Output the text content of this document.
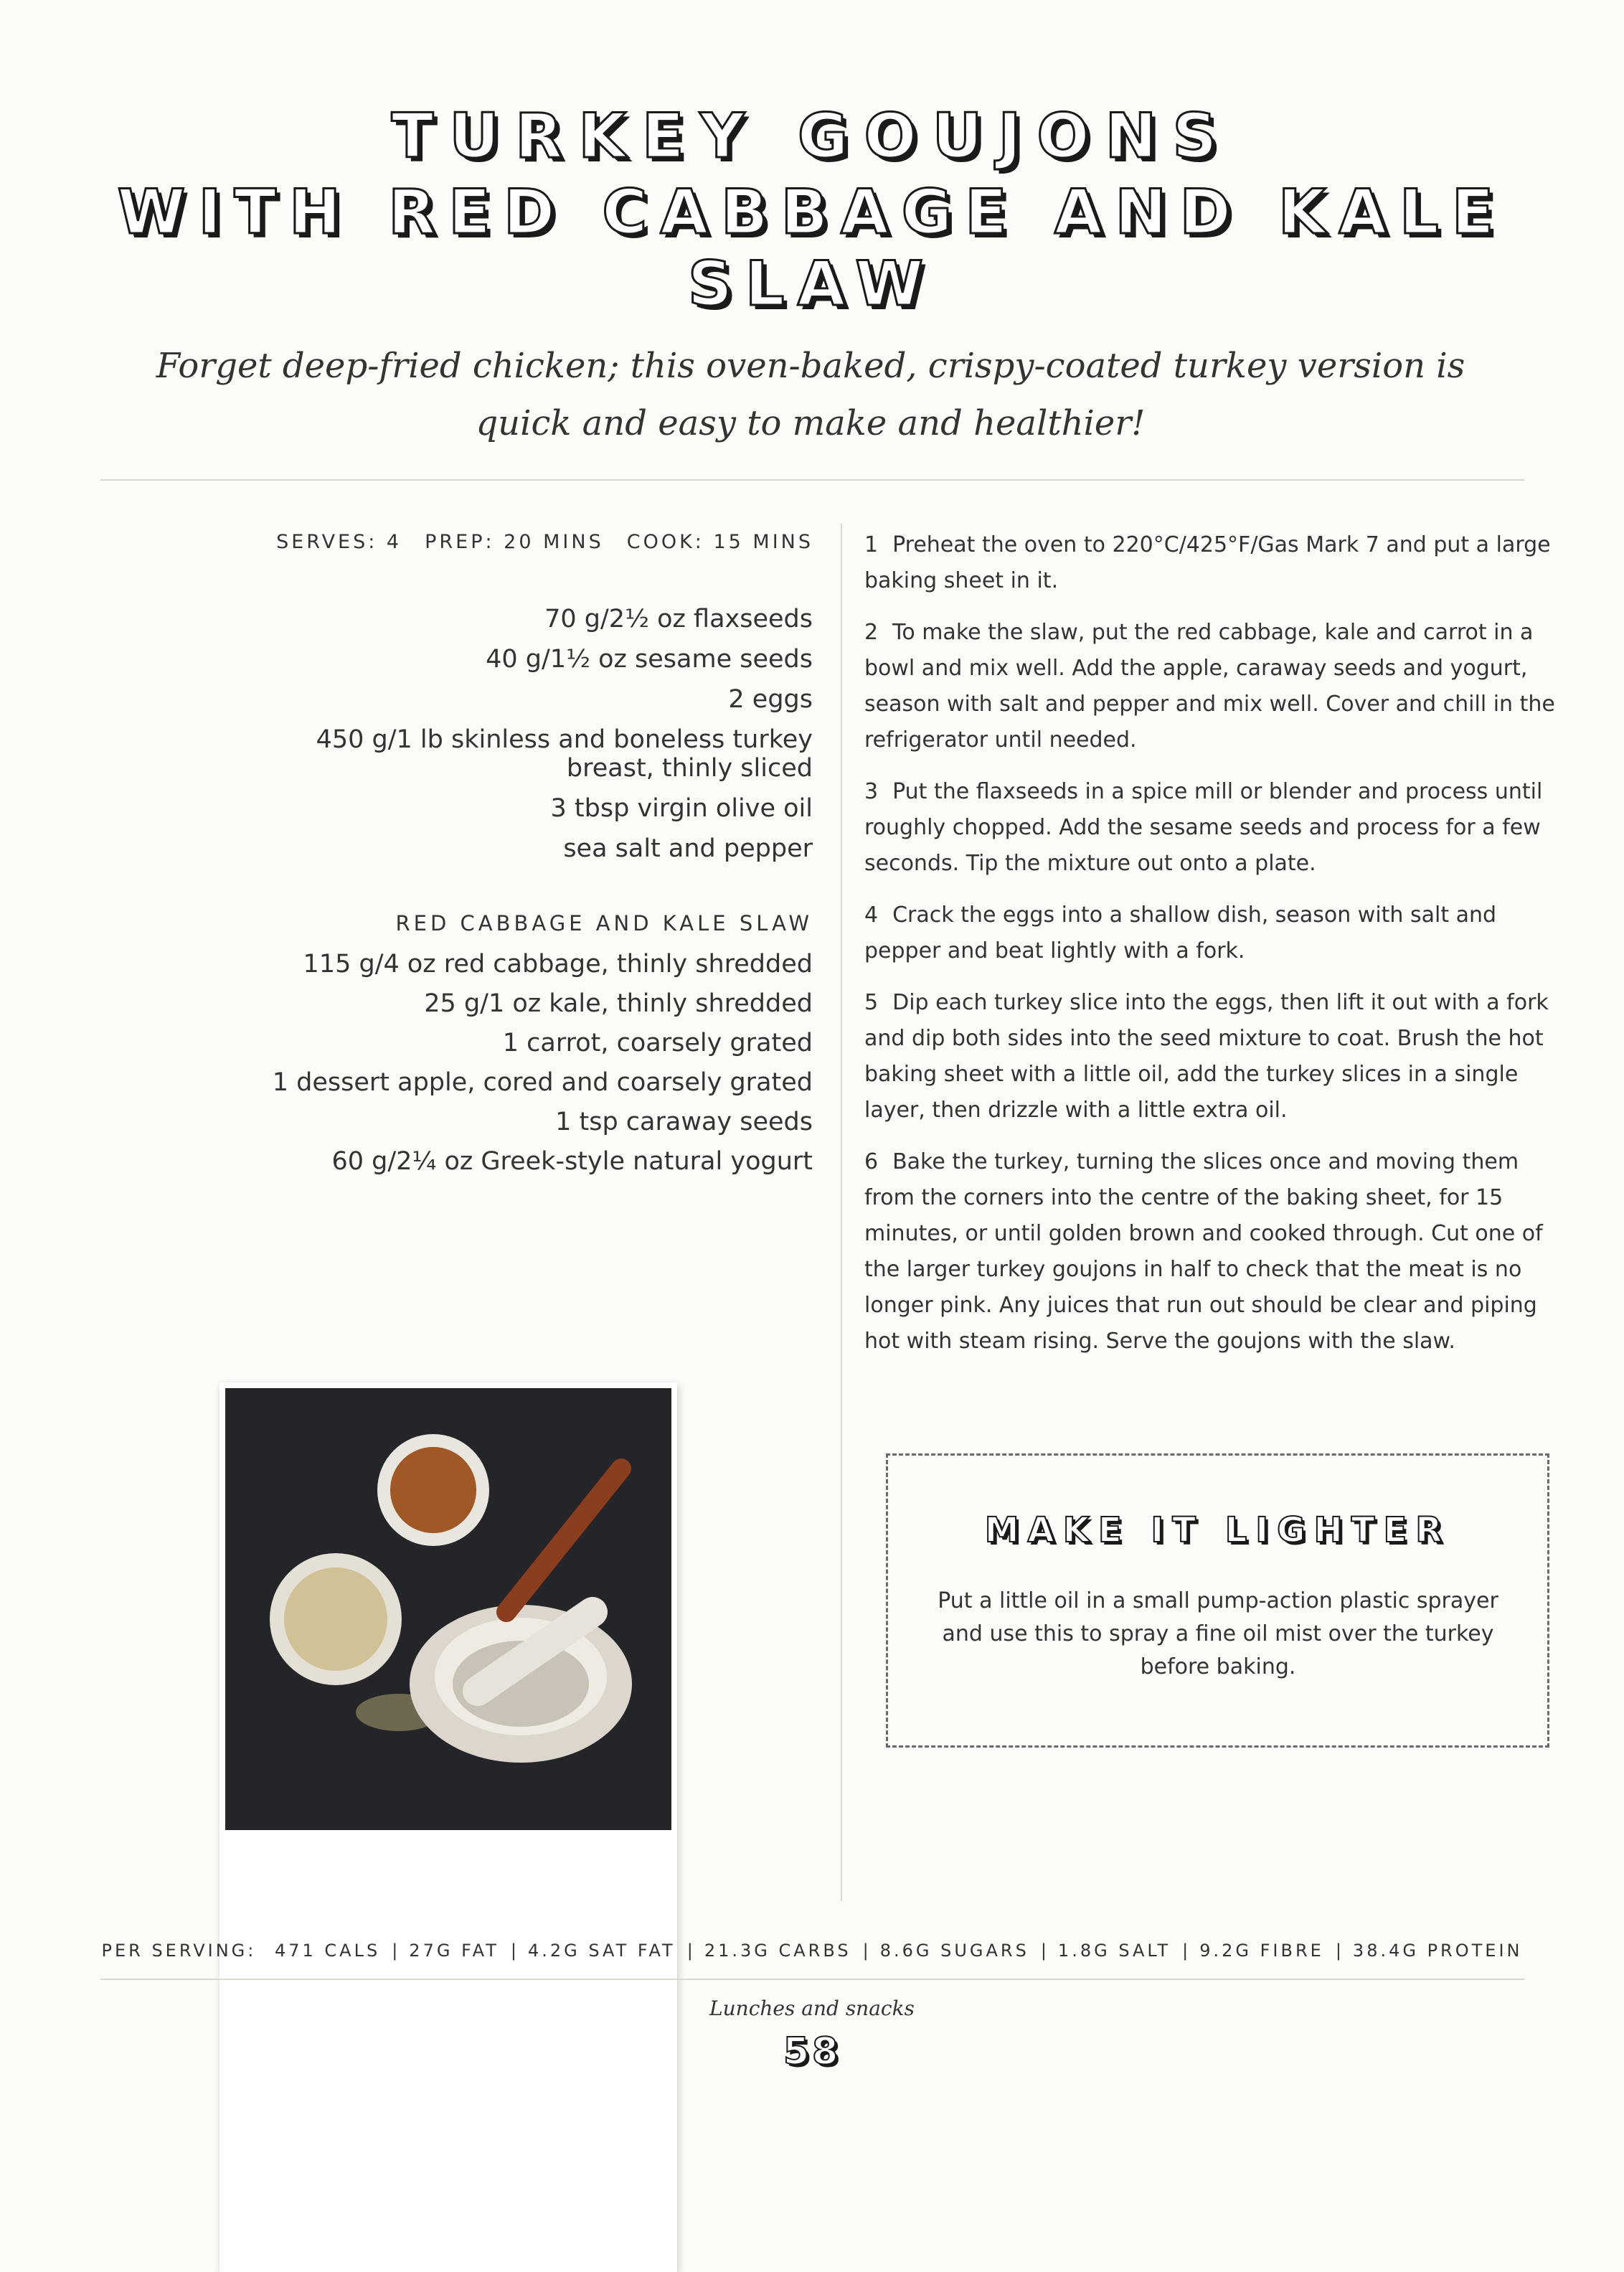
TURKEY GOUJONS
WITH RED CABBAGE AND KALE SLAW
Forget deep-fried chicken; this oven-baked, crispy-coated turkey version is quick and easy to make and healthier!
SERVES: 4 PREP: 20 MINS COOK: 15 MINS
70 g/2½ oz flaxseeds
40 g/1½ oz sesame seeds
2 eggs
450 g/1 lb skinless and boneless turkey
breast, thinly sliced
3 tbsp virgin olive oil
sea salt and pepper
RED CABBAGE AND KALE SLAW
115 g/4 oz red cabbage, thinly shredded
25 g/1 oz kale, thinly shredded
1 carrot, coarsely grated
1 dessert apple, cored and coarsely grated
1 tsp caraway seeds
60 g/2¼ oz Greek-style natural yogurt

1 Preheat the oven to 220°C/425°F/Gas Mark 7 and put a large baking sheet in it.

2 To make the slaw, put the red cabbage, kale and carrot in a bowl and mix well. Add the apple, caraway seeds and yogurt, season with salt and pepper and mix well. Cover and chill in the refrigerator until needed.

3 Put the flaxseeds in a spice mill or blender and process until roughly chopped. Add the sesame seeds and process for a few seconds. Tip the mixture out onto a plate.

4 Crack the eggs into a shallow dish, season with salt and pepper and beat lightly with a fork.

5 Dip each turkey slice into the eggs, then lift it out with a fork and dip both sides into the seed mixture to coat. Brush the hot baking sheet with a little oil, add the turkey slices in a single layer, then drizzle with a little extra oil.

6 Bake the turkey, turning the slices once and moving them from the corners into the centre of the baking sheet, for 15 minutes, or until golden brown and cooked through. Cut one of the larger turkey goujons in half to check that the meat is no longer pink. Any juices that run out should be clear and piping hot with steam rising. Serve the goujons with the slaw.

MAKE IT LIGHTER
Put a little oil in a small pump-action plastic sprayer and use this to spray a fine oil mist over the turkey before baking.
PER SERVING: 471 CALS | 27G FAT | 4.2G SAT FAT | 21.3G CARBS | 8.6G SUGARS | 1.8G SALT | 9.2G FIBRE | 38.4G PROTEIN
Lunches and snacks
58
